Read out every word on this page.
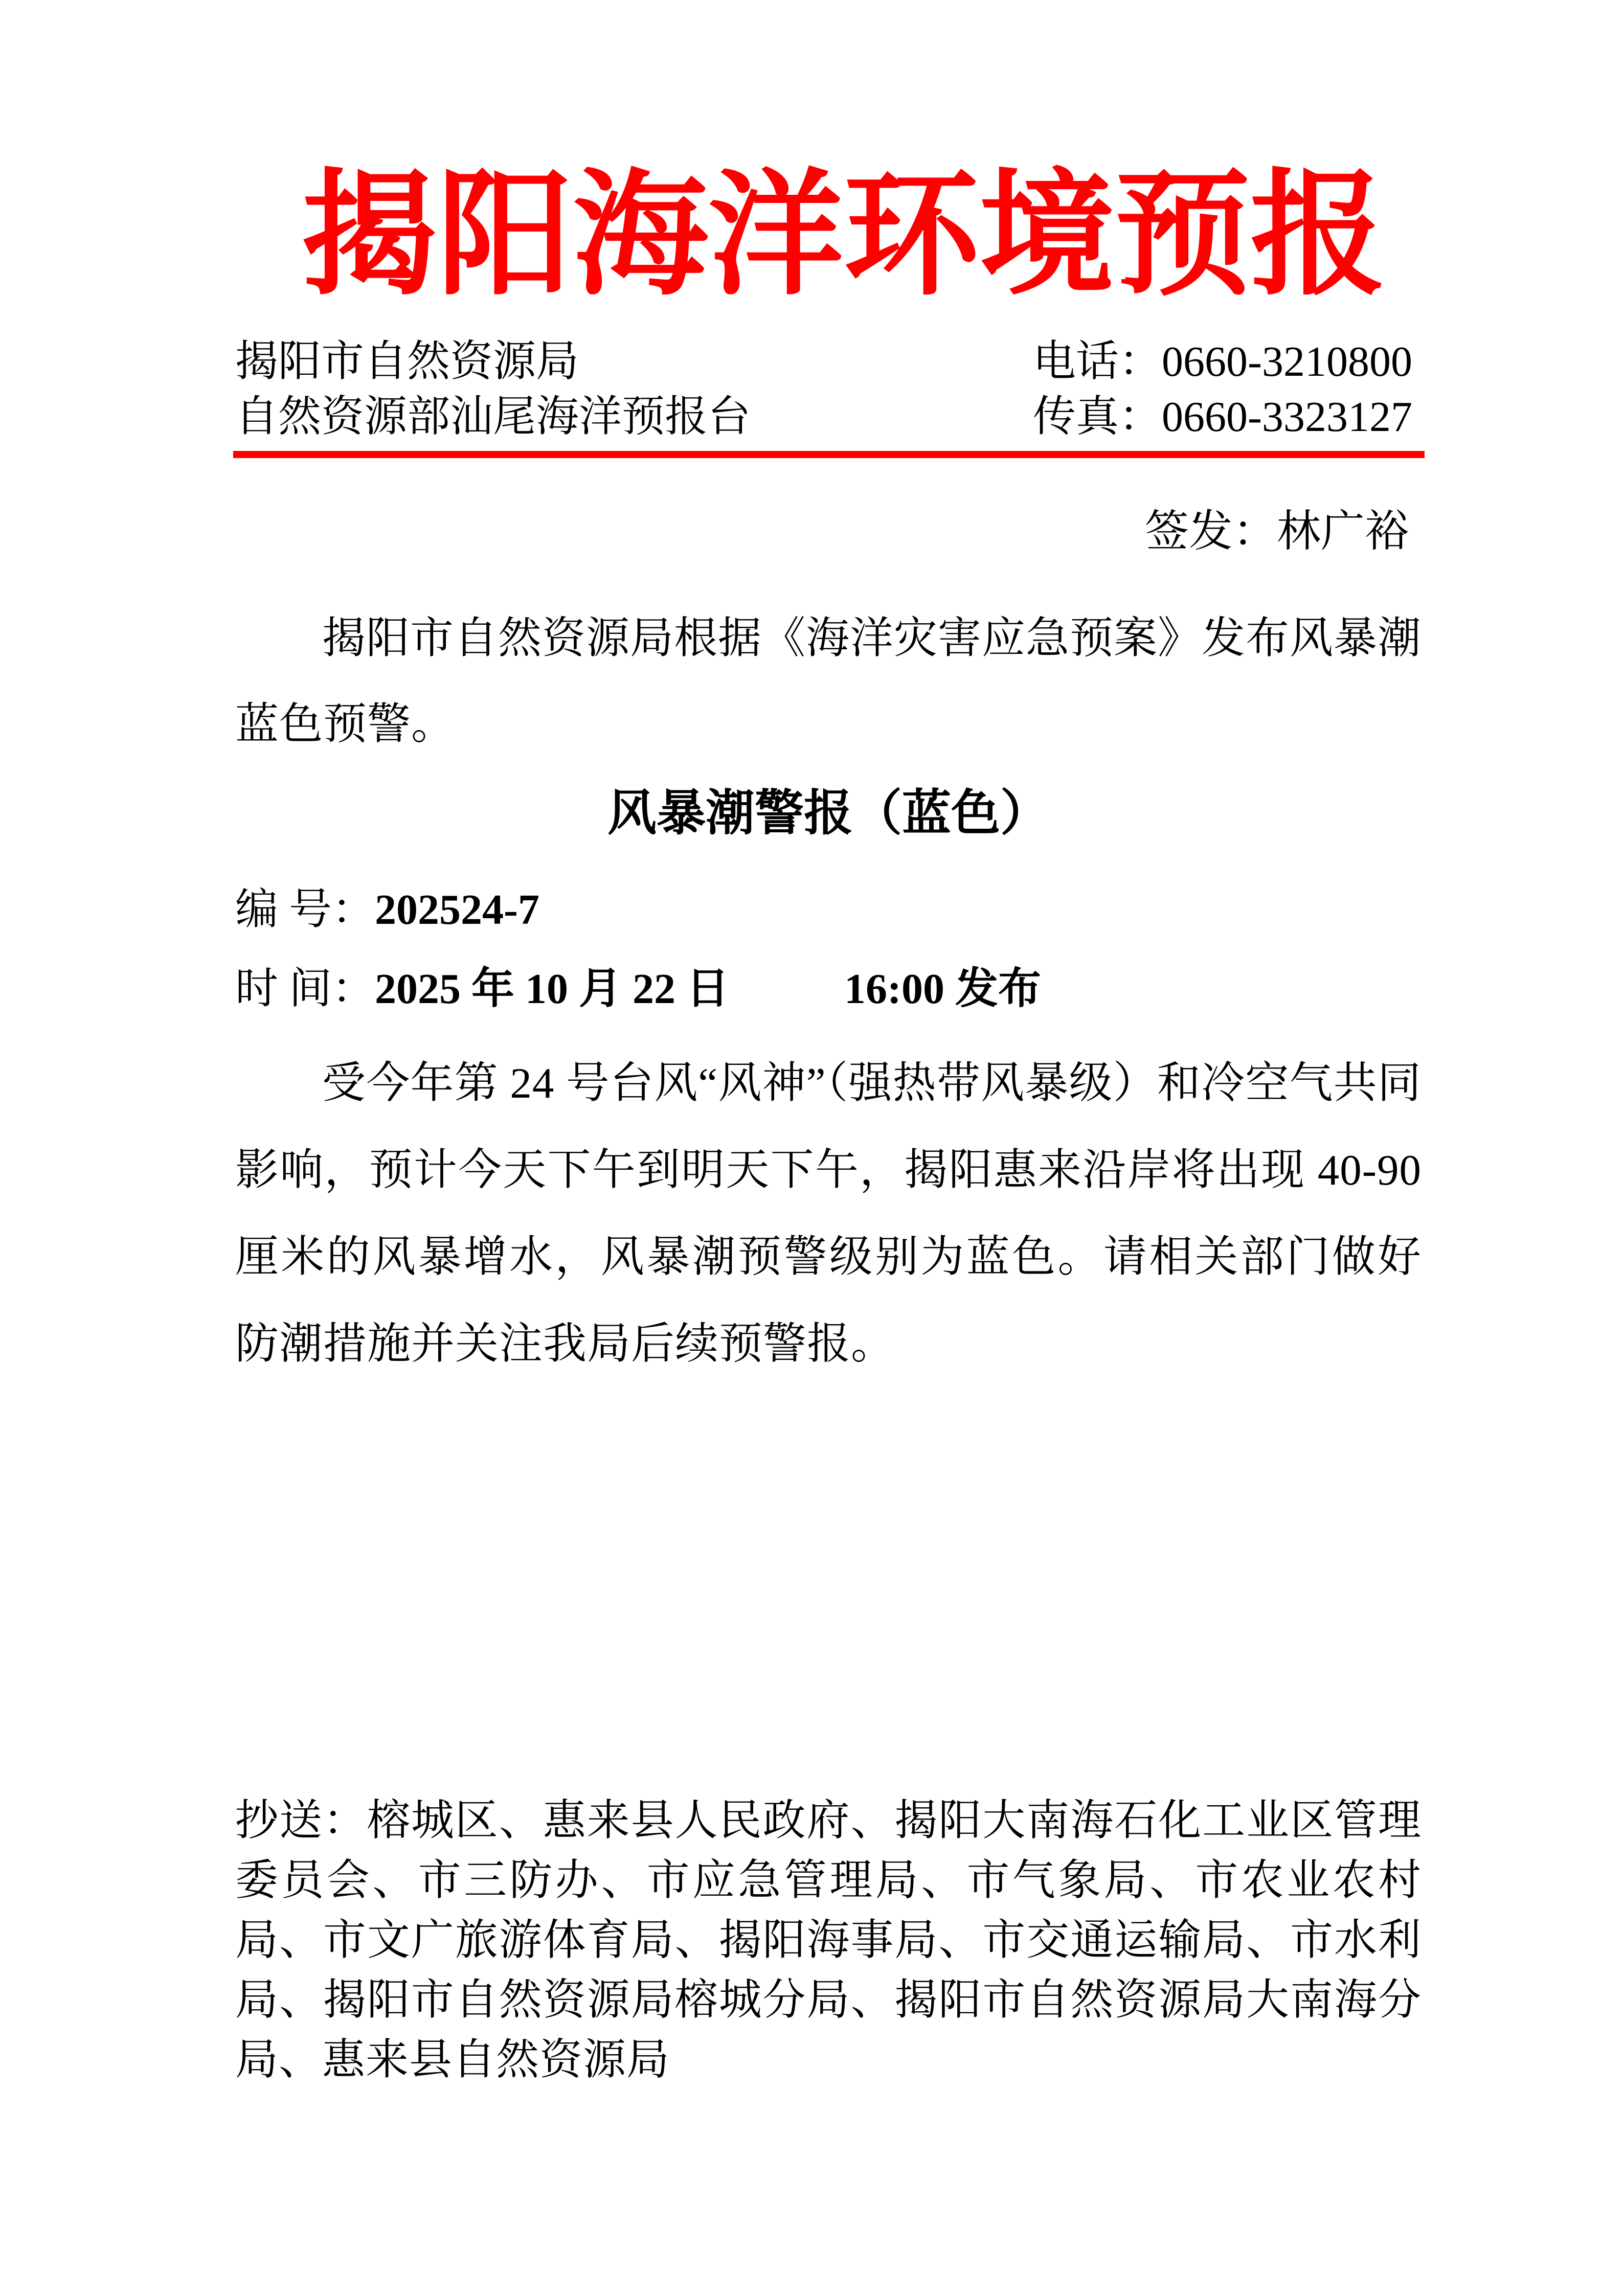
揭阳海洋环境预报
揭阳市自然资源局
自然资源部汕尾海洋预报台
电话：0660-3210800
传真：0660-3323127
签发：林广裕

揭阳市自然资源局根据《海洋灾害应急预案》发布风暴潮蓝色预警。

风暴潮警报（蓝色）
编 号：202524-7
时 间：2025 年 10 月 22 日	16:00 发布

受今年第 24 号台风“风神”（强热带风暴级）和冷空气共同影响，预计今天下午到明天下午，揭阳惠来沿岸将出现 40-90 厘米的风暴增水，风暴潮预警级别为蓝色。请相关部门做好防潮措施并关注我局后续预警报。

抄送：榕城区、惠来县人民政府、揭阳大南海石化工业区管理委员会、市三防办、市应急管理局、市气象局、市农业农村局、市文广旅游体育局、揭阳海事局、市交通运输局、市水利局、揭阳市自然资源局榕城分局、揭阳市自然资源局大南海分局、惠来县自然资源局
